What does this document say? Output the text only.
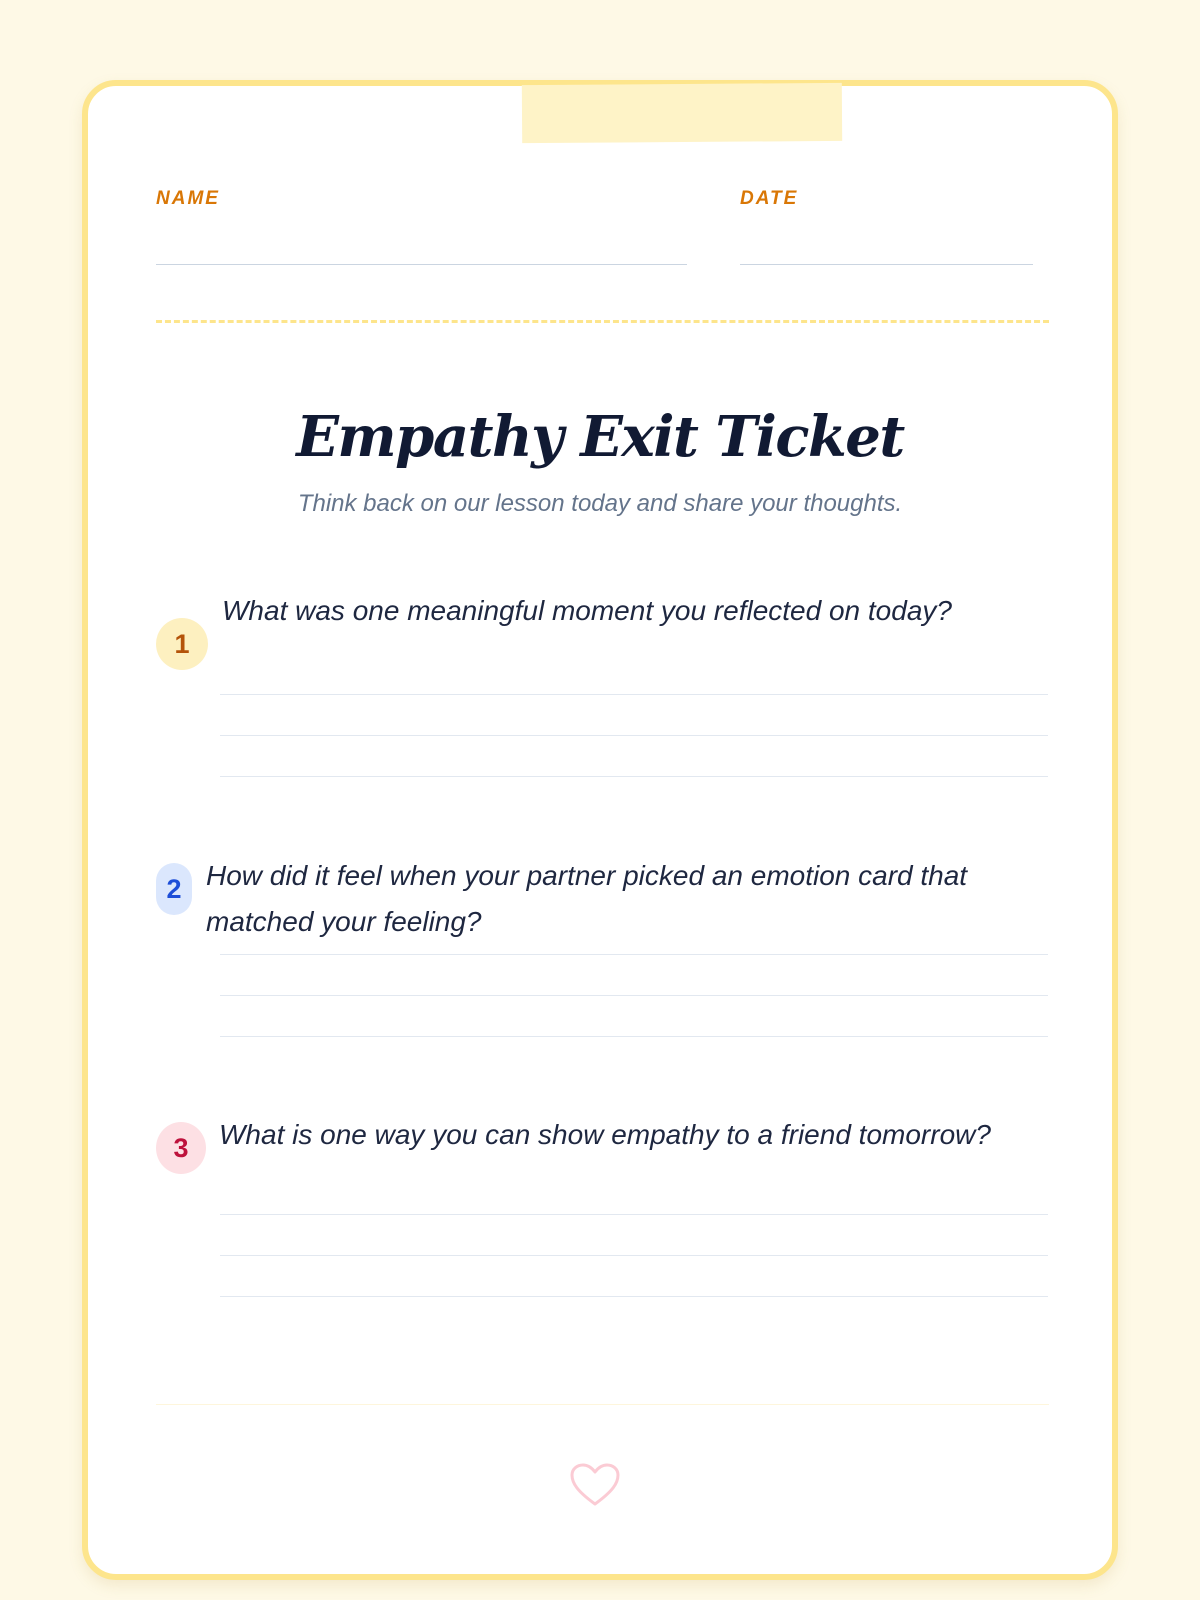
NAME	DATE
Empathy Exit Ticket
Think back on our lesson today and share your thoughts.
1
What was one meaningful moment you reflected on today?
2 How did it feel when your partner picked an emotion card that matched your feeling?
3	What is one way you can show empathy to a friend tomorrow?
